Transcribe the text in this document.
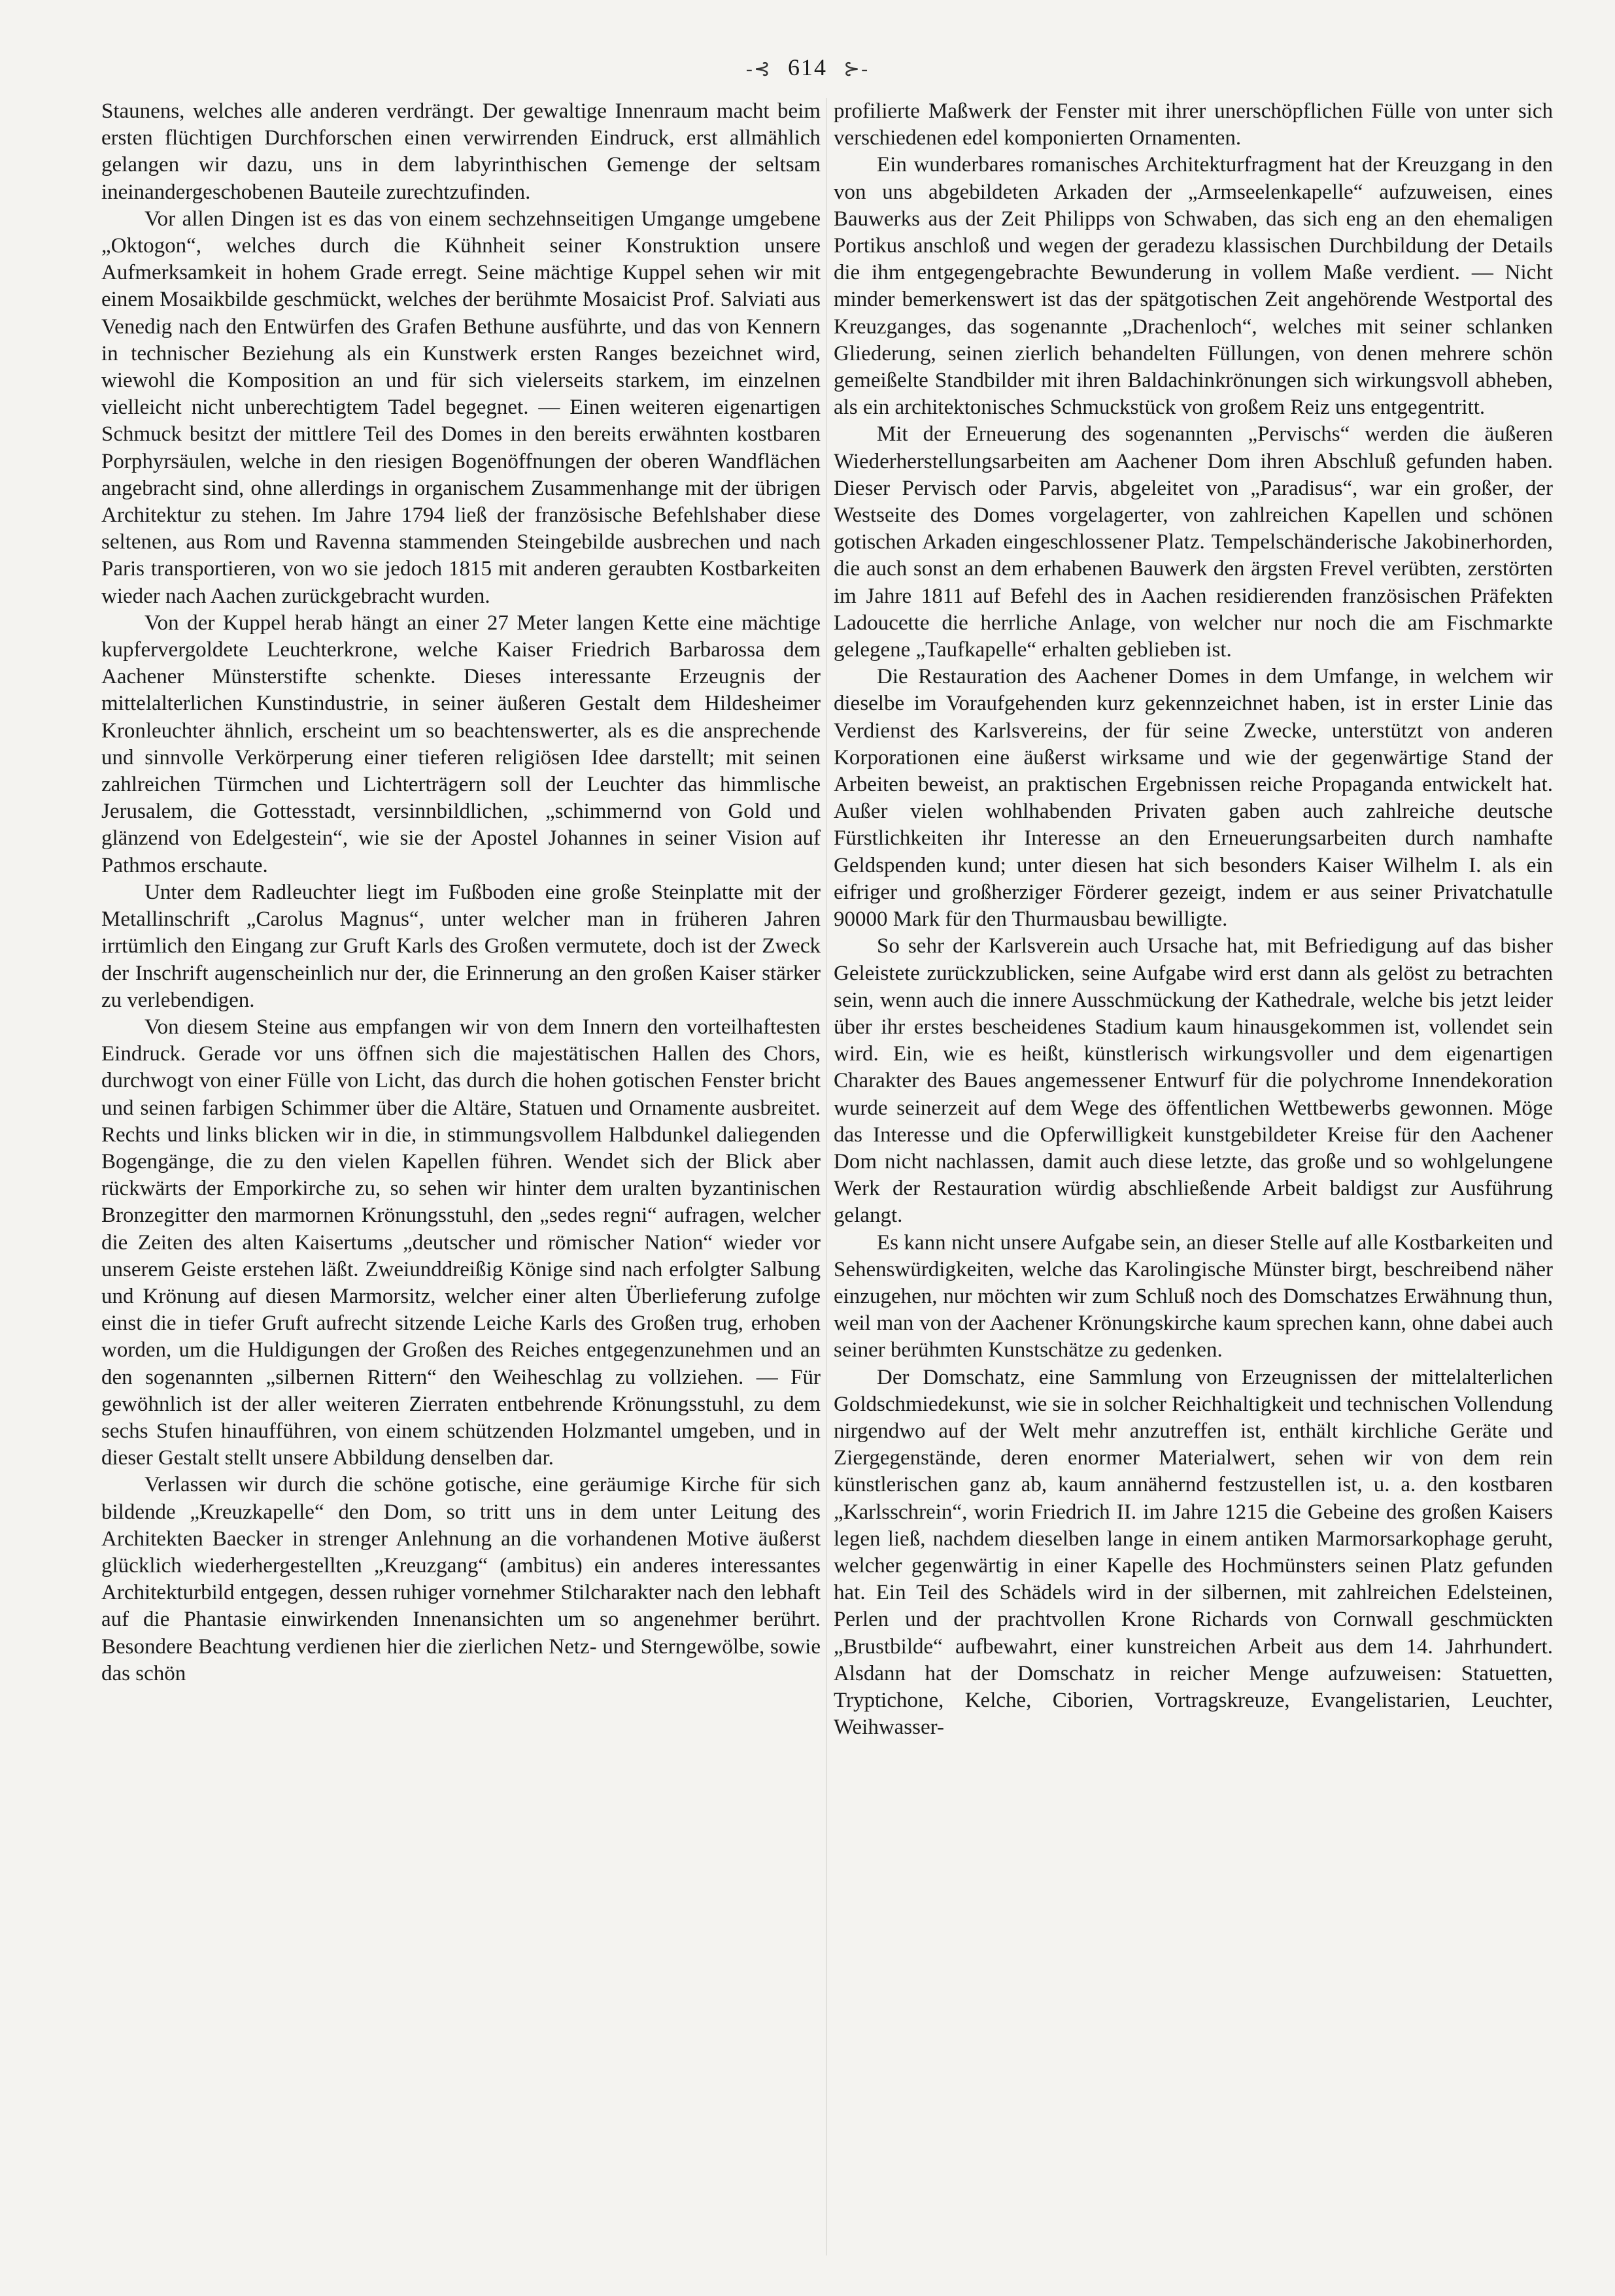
-⊰ 614 ⊱-

Staunens, welches alle anderen verdrängt. Der gewaltige Innenraum macht beim ersten flüchtigen Durchforschen einen verwirrenden Eindruck, erst allmählich gelangen wir dazu, uns in dem labyrinthischen Gemenge der seltsam ineinandergeschobenen Bauteile zurechtzufinden.

Vor allen Dingen ist es das von einem sechzehnseitigen Umgange umgebene „Oktogon“, welches durch die Kühnheit seiner Konstruktion unsere Aufmerksamkeit in hohem Grade erregt. Seine mächtige Kuppel sehen wir mit einem Mosaikbilde geschmückt, welches der berühmte Mosaicist Prof. Salviati aus Venedig nach den Entwürfen des Grafen Bethune ausführte, und das von Kennern in technischer Beziehung als ein Kunstwerk ersten Ranges bezeichnet wird, wiewohl die Komposition an und für sich vielerseits starkem, im einzelnen vielleicht nicht unberechtigtem Tadel begegnet. — Einen weiteren eigenartigen Schmuck besitzt der mittlere Teil des Domes in den bereits erwähnten kostbaren Porphyrsäulen, welche in den riesigen Bogenöffnungen der oberen Wandflächen angebracht sind, ohne allerdings in organischem Zusammenhange mit der übrigen Architektur zu stehen. Im Jahre 1794 ließ der französische Befehlshaber diese seltenen, aus Rom und Ravenna stammenden Steingebilde ausbrechen und nach Paris transportieren, von wo sie jedoch 1815 mit anderen geraubten Kostbarkeiten wieder nach Aachen zurückgebracht wurden.

Von der Kuppel herab hängt an einer 27 Meter langen Kette eine mächtige kupfervergoldete Leuchterkrone, welche Kaiser Friedrich Barbarossa dem Aachener Münsterstifte schenkte. Dieses interessante Erzeugnis der mittelalterlichen Kunstindustrie, in seiner äußeren Gestalt dem Hildesheimer Kronleuchter ähnlich, erscheint um so beachtenswerter, als es die ansprechende und sinnvolle Verkörperung einer tieferen religiösen Idee darstellt; mit seinen zahlreichen Türmchen und Lichterträgern soll der Leuchter das himmlische Jerusalem, die Gottesstadt, versinnbildlichen, „schimmernd von Gold und glänzend von Edelgestein“, wie sie der Apostel Johannes in seiner Vision auf Pathmos erschaute.

Unter dem Radleuchter liegt im Fußboden eine große Steinplatte mit der Metallinschrift „Carolus Magnus“, unter welcher man in früheren Jahren irrtümlich den Eingang zur Gruft Karls des Großen vermutete, doch ist der Zweck der Inschrift augenscheinlich nur der, die Erinnerung an den großen Kaiser stärker zu verlebendigen.

Von diesem Steine aus empfangen wir von dem Innern den vorteilhaftesten Eindruck. Gerade vor uns öffnen sich die majestätischen Hallen des Chors, durchwogt von einer Fülle von Licht, das durch die hohen gotischen Fenster bricht und seinen farbigen Schimmer über die Altäre, Statuen und Ornamente ausbreitet. Rechts und links blicken wir in die, in stimmungsvollem Halbdunkel daliegenden Bogengänge, die zu den vielen Kapellen führen. Wendet sich der Blick aber rückwärts der Emporkirche zu, so sehen wir hinter dem uralten byzantinischen Bronzegitter den marmornen Krönungsstuhl, den „sedes regni“ aufragen, welcher die Zeiten des alten Kaisertums „deutscher und römischer Nation“ wieder vor unserem Geiste erstehen läßt. Zweiunddreißig Könige sind nach erfolgter Salbung und Krönung auf diesen Marmorsitz, welcher einer alten Überlieferung zufolge einst die in tiefer Gruft aufrecht sitzende Leiche Karls des Großen trug, erhoben worden, um die Huldigungen der Großen des Reiches entgegenzunehmen und an den sogenannten „silbernen Rittern“ den Weiheschlag zu vollziehen. — Für gewöhnlich ist der aller weiteren Zierraten entbehrende Krönungsstuhl, zu dem sechs Stufen hinaufführen, von einem schützenden Holzmantel umgeben, und in dieser Gestalt stellt unsere Abbildung denselben dar.

Verlassen wir durch die schöne gotische, eine geräumige Kirche für sich bildende „Kreuzkapelle“ den Dom, so tritt uns in dem unter Leitung des Architekten Baecker in strenger Anlehnung an die vorhandenen Motive äußerst glücklich wiederhergestellten „Kreuzgang“ (ambitus) ein anderes interessantes Architekturbild entgegen, dessen ruhiger vornehmer Stilcharakter nach den lebhaft auf die Phantasie einwirkenden Innenansichten um so angenehmer berührt. Besondere Beachtung verdienen hier die zierlichen Netz- und Sterngewölbe, sowie das schön

profilierte Maßwerk der Fenster mit ihrer unerschöpflichen Fülle von unter sich verschiedenen edel komponierten Ornamenten.

Ein wunderbares romanisches Architekturfragment hat der Kreuzgang in den von uns abgebildeten Arkaden der „Armseelenkapelle“ aufzuweisen, eines Bauwerks aus der Zeit Philipps von Schwaben, das sich eng an den ehemaligen Portikus anschloß und wegen der geradezu klassischen Durchbildung der Details die ihm entgegengebrachte Bewunderung in vollem Maße verdient. — Nicht minder bemerkenswert ist das der spätgotischen Zeit angehörende Westportal des Kreuzganges, das sogenannte „Drachenloch“, welches mit seiner schlanken Gliederung, seinen zierlich behandelten Füllungen, von denen mehrere schön gemeißelte Standbilder mit ihren Baldachinkrönungen sich wirkungsvoll abheben, als ein architektonisches Schmuckstück von großem Reiz uns entgegentritt.

Mit der Erneuerung des sogenannten „Pervischs“ werden die äußeren Wiederherstellungsarbeiten am Aachener Dom ihren Abschluß gefunden haben. Dieser Pervisch oder Parvis, abgeleitet von „Paradisus“, war ein großer, der Westseite des Domes vorgelagerter, von zahlreichen Kapellen und schönen gotischen Arkaden eingeschlossener Platz. Tempelschänderische Jakobinerhorden, die auch sonst an dem erhabenen Bauwerk den ärgsten Frevel verübten, zerstörten im Jahre 1811 auf Befehl des in Aachen residierenden französischen Präfekten Ladoucette die herrliche Anlage, von welcher nur noch die am Fischmarkte gelegene „Taufkapelle“ erhalten geblieben ist.

Die Restauration des Aachener Domes in dem Umfange, in welchem wir dieselbe im Voraufgehenden kurz gekennzeichnet haben, ist in erster Linie das Verdienst des Karlsvereins, der für seine Zwecke, unterstützt von anderen Korporationen eine äußerst wirksame und wie der gegenwärtige Stand der Arbeiten beweist, an praktischen Ergebnissen reiche Propaganda entwickelt hat. Außer vielen wohlhabenden Privaten gaben auch zahlreiche deutsche Fürstlichkeiten ihr Interesse an den Erneuerungsarbeiten durch namhafte Geldspenden kund; unter diesen hat sich besonders Kaiser Wilhelm I. als ein eifriger und großherziger Förderer gezeigt, indem er aus seiner Privatchatulle 90000 Mark für den Thurmausbau bewilligte.

So sehr der Karlsverein auch Ursache hat, mit Befriedigung auf das bisher Geleistete zurückzublicken, seine Aufgabe wird erst dann als gelöst zu betrachten sein, wenn auch die innere Ausschmückung der Kathedrale, welche bis jetzt leider über ihr erstes bescheidenes Stadium kaum hinausgekommen ist, vollendet sein wird. Ein, wie es heißt, künstlerisch wirkungsvoller und dem eigenartigen Charakter des Baues angemessener Entwurf für die polychrome Innendekoration wurde seinerzeit auf dem Wege des öffentlichen Wettbewerbs gewonnen. Möge das Interesse und die Opferwilligkeit kunstgebildeter Kreise für den Aachener Dom nicht nachlassen, damit auch diese letzte, das große und so wohlgelungene Werk der Restauration würdig abschließende Arbeit baldigst zur Ausführung gelangt.

Es kann nicht unsere Aufgabe sein, an dieser Stelle auf alle Kostbarkeiten und Sehenswürdigkeiten, welche das Karolingische Münster birgt, beschreibend näher einzugehen, nur möchten wir zum Schluß noch des Domschatzes Erwähnung thun, weil man von der Aachener Krönungskirche kaum sprechen kann, ohne dabei auch seiner berühmten Kunstschätze zu gedenken.

Der Domschatz, eine Sammlung von Erzeugnissen der mittelalterlichen Goldschmiedekunst, wie sie in solcher Reichhaltigkeit und technischen Vollendung nirgendwo auf der Welt mehr anzutreffen ist, enthält kirchliche Geräte und Ziergegenstände, deren enormer Materialwert, sehen wir von dem rein künstlerischen ganz ab, kaum annähernd festzustellen ist, u. a. den kostbaren „Karlsschrein“, worin Friedrich II. im Jahre 1215 die Gebeine des großen Kaisers legen ließ, nachdem dieselben lange in einem antiken Marmorsarkophage geruht, welcher gegenwärtig in einer Kapelle des Hochmünsters seinen Platz gefunden hat. Ein Teil des Schädels wird in der silbernen, mit zahlreichen Edelsteinen, Perlen und der prachtvollen Krone Richards von Cornwall geschmückten „Brustbilde“ aufbewahrt, einer kunstreichen Arbeit aus dem 14. Jahrhundert. Alsdann hat der Domschatz in reicher Menge aufzuweisen: Statuetten, Tryptichone, Kelche, Ciborien, Vortragskreuze, Evangelistarien, Leuchter, Weihwasser-
